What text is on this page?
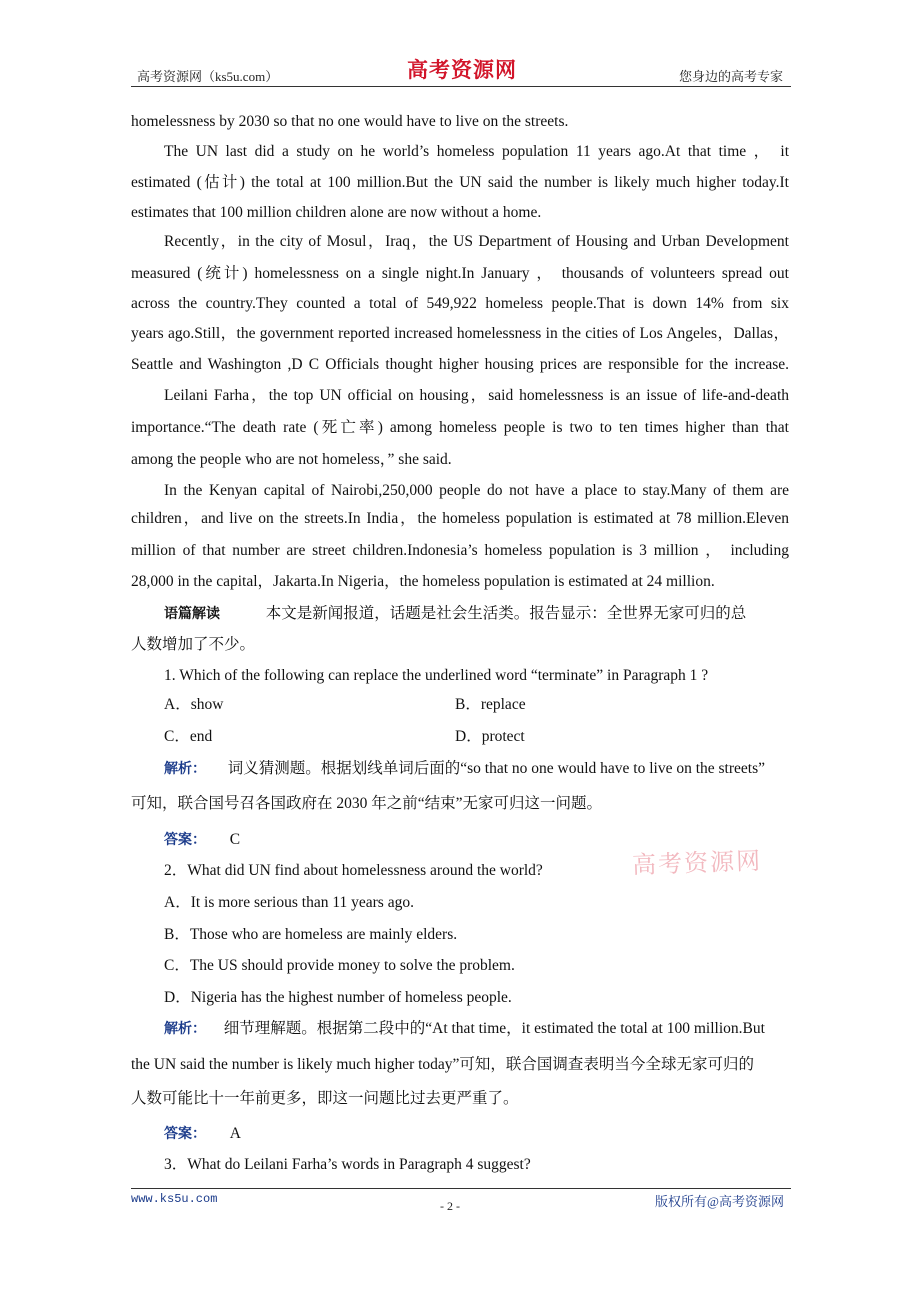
高考资源网（ks5u.com）	高考资源网	您身边的高考专家
homelessness by 2030 so that no one would have to live on the streets.
The UN last did a study on he world’s homeless population 11 years ago.At that time ， it
estimated (估计) the total at 100 million.But the UN said the number is likely much higher today.It
estimates that 100 million children alone are now without a home.
Recently，in the city of Mosul，Iraq，the US Department of Housing and Urban Development
measured (统计) homelessness on a single night.In January ， thousands of volunteers spread out
across the country.They counted a total of 549,922 homeless people.That is down 14% from six
years ago.Still，the government reported increased homelessness in the cities of Los Angeles，Dallas，
Seattle and Washington ,D C Officials thought higher housing prices are responsible for the increase.
Leilani Farha，the top UN official on housing，said homelessness is an issue of life-and-death
importance.“The death rate (死亡率) among homeless people is two to ten times higher than that
among the people who are not homeless，” she said.
In the Kenyan capital of Nairobi,250,000 people do not have a place to stay.Many of them are
children，and live on the streets.In India，the homeless population is estimated at 78 million.Eleven
million of that number are street children.Indonesia’s homeless population is 3 million ， including
28,000 in the capital，Jakarta.In Nigeria，the homeless population is estimated at 24 million.
语篇解读	本文是新闻报道，话题是社会生活类。报告显示：全世界无家可归的总
人数增加了不少。
1. Which of the following can replace the underlined word “terminate” in Paragraph 1 ?
A．show	B．replace
C．end	D．protect
解析： 词义猜测题。根据划线单词后面的“so that no one would have to live on the streets”
可知，联合国号召各国政府在 2030 年之前“结束”无家可归这一问题。
答案： C
高考资源网
2．What did UN find about homelessness around the world?
A．It is more serious than 11 years ago.
B．Those who are homeless are mainly elders.
C．The US should provide money to solve the problem.
D．Nigeria has the highest number of homeless people.
解析： 细节理解题。根据第二段中的“At that time，it estimated the total at 100 million.But
the UN said the number is likely much higher today”可知，联合国调查表明当今全球无家可归的
人数可能比十一年前更多，即这一问题比过去更严重了。
答案： A
3．What do Leilani Farha’s words in Paragraph 4 suggest?
www.ks5u.com	- 2 -	版权所有@高考资源网
